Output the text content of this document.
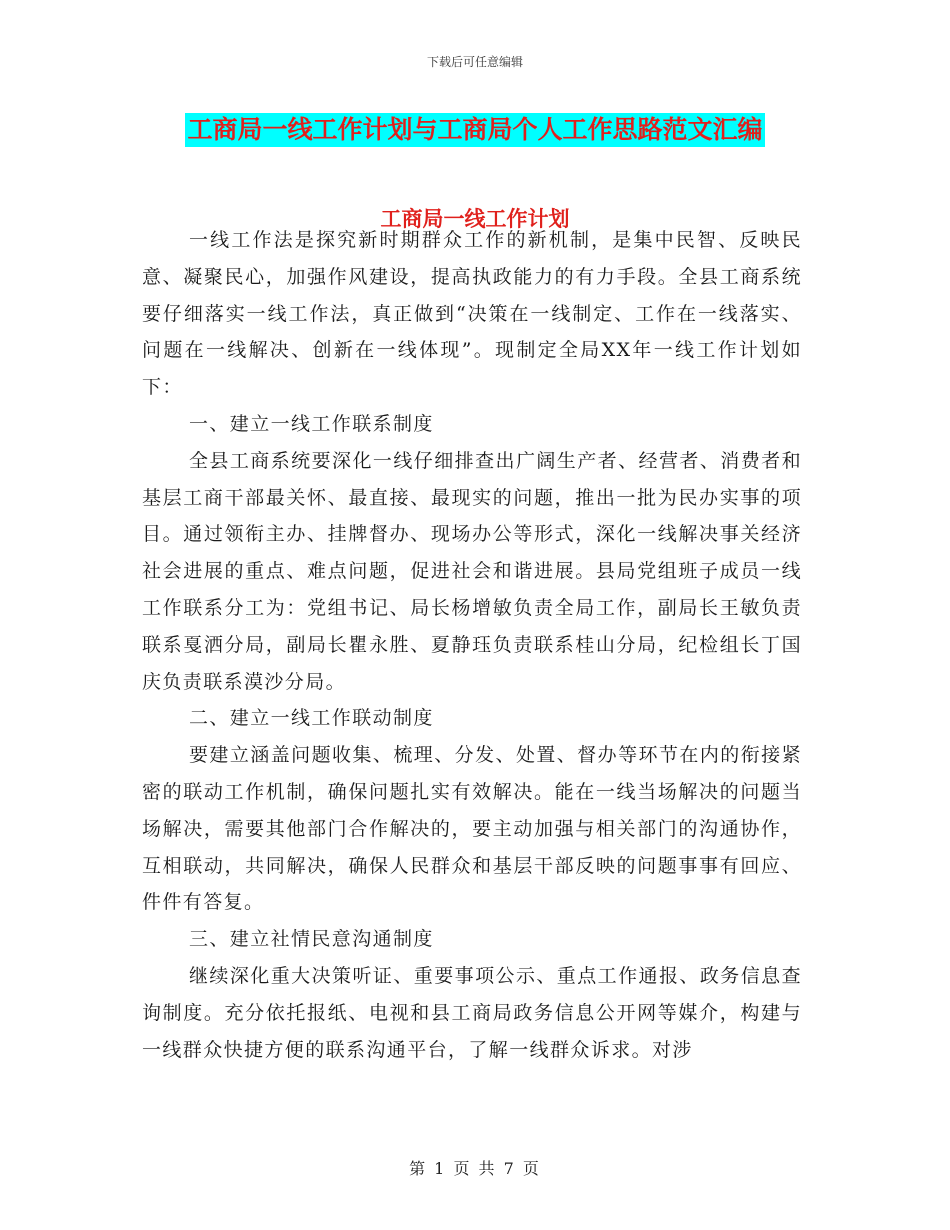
下载后可任意编辑
工商局一线工作计划与工商局个人工作思路范文汇编
工商局一线工作计划

一线工作法是探究新时期群众工作的新机制，是集中民智、反映民意、凝聚民心，加强作风建设，提高执政能力的有力手段。全县工商系统要仔细落实一线工作法，真正做到“决策在一线制定、工作在一线落实、问题在一线解决、创新在一线体现”。现制定全局XX年一线工作计划如下：

一、建立一线工作联系制度

全县工商系统要深化一线仔细排查出广阔生产者、经营者、消费者和基层工商干部最关怀、最直接、最现实的问题，推出一批为民办实事的项目。通过领衔主办、挂牌督办、现场办公等形式，深化一线解决事关经济社会进展的重点、难点问题，促进社会和谐进展。县局党组班子成员一线工作联系分工为：党组书记、局长杨增敏负责全局工作，副局长王敏负责联系戛洒分局，副局长瞿永胜、夏静珏负责联系桂山分局，纪检组长丁国庆负责联系漠沙分局。

二、建立一线工作联动制度

要建立涵盖问题收集、梳理、分发、处置、督办等环节在内的衔接紧密的联动工作机制，确保问题扎实有效解决。能在一线当场解决的问题当场解决，需要其他部门合作解决的，要主动加强与相关部门的沟通协作，互相联动，共同解决，确保人民群众和基层干部反映的问题事事有回应、件件有答复。

三、建立社情民意沟通制度

继续深化重大决策听证、重要事项公示、重点工作通报、政务信息查询制度。充分依托报纸、电视和县工商局政务信息公开网等媒介，构建与一线群众快捷方便的联系沟通平台，了解一线群众诉求。对涉

第 1 页 共 7 页
